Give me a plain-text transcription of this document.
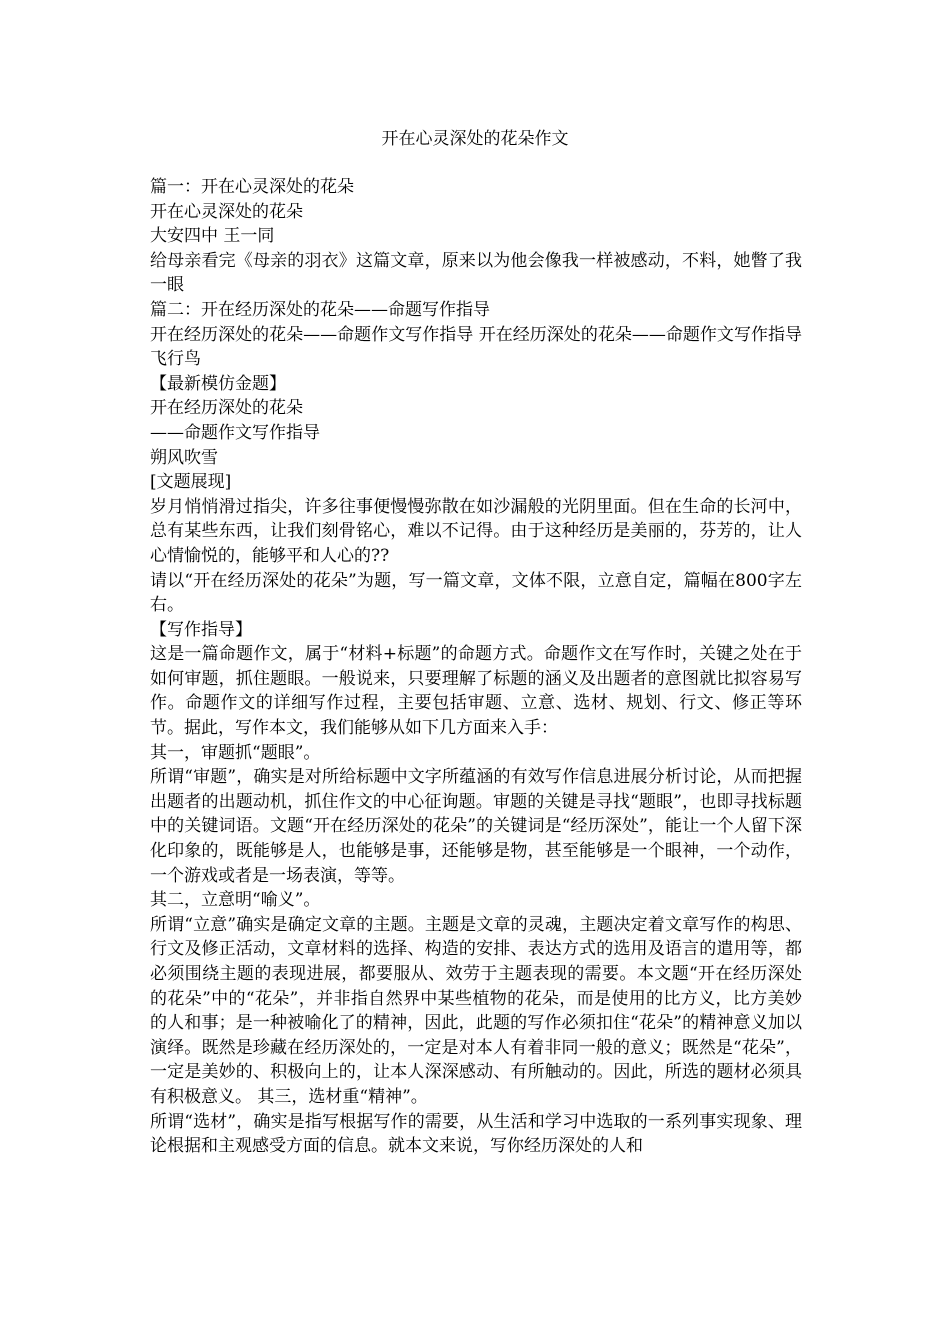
开在心灵深处的花朵作文

篇一：开在心灵深处的花朵

开在心灵深处的花朵

大安四中 王一同

给母亲看完《母亲的羽衣》这篇文章，原来以为他会像我一样被感动，不料，她瞥了我一眼

篇二：开在经历深处的花朵——命题写作指导

开在经历深处的花朵——命题作文写作指导 开在经历深处的花朵——命题作文写作指导飞行鸟

【最新模仿金题】

开在经历深处的花朵

——命题作文写作指导

朔风吹雪

[文题展现]

岁月悄悄滑过指尖，许多往事便慢慢弥散在如沙漏般的光阴里面。但在生命的长河中，总有某些东西，让我们刻骨铭心，难以不记得。由于这种经历是美丽的，芬芳的，让人心情愉悦的，能够平和人心的??

请以“开在经历深处的花朵”为题，写一篇文章，文体不限，立意自定，篇幅在800字左右。

【写作指导】

这是一篇命题作文，属于“材料+标题”的命题方式。命题作文在写作时，关键之处在于如何审题，抓住题眼。一般说来，只要理解了标题的涵义及出题者的意图就比拟容易写作。命题作文的详细写作过程，主要包括审题、立意、选材、规划、行文、修正等环节。据此，写作本文，我们能够从如下几方面来入手：

其一，审题抓“题眼”。

所谓“审题”，确实是对所给标题中文字所蕴涵的有效写作信息进展分析讨论，从而把握出题者的出题动机，抓住作文的中心征询题。审题的关键是寻找“题眼”，也即寻找标题中的关键词语。文题“开在经历深处的花朵”的关键词是“经历深处”，能让一个人留下深化印象的，既能够是人，也能够是事，还能够是物，甚至能够是一个眼神，一个动作，一个游戏或者是一场表演，等等。

其二，立意明“喻义”。

所谓“立意”确实是确定文章的主题。主题是文章的灵魂，主题决定着文章写作的构思、行文及修正活动，文章材料的选择、构造的安排、表达方式的选用及语言的遣用等，都必须围绕主题的表现进展，都要服从、效劳于主题表现的需要。本文题“开在经历深处的花朵”中的“花朵”，并非指自然界中某些植物的花朵，而是使用的比方义，比方美妙的人和事；是一种被喻化了的精神，因此，此题的写作必须扣住“花朵”的精神意义加以演绎。既然是珍藏在经历深处的，一定是对本人有着非同一般的意义；既然是“花朵”，一定是美妙的、积极向上的，让本人深深感动、有所触动的。因此，所选的题材必须具有积极意义。 其三，选材重“精神”。

所谓“选材”，确实是指写根据写作的需要，从生活和学习中选取的一系列事实现象、理论根据和主观感受方面的信息。就本文来说，写你经历深处的人和
